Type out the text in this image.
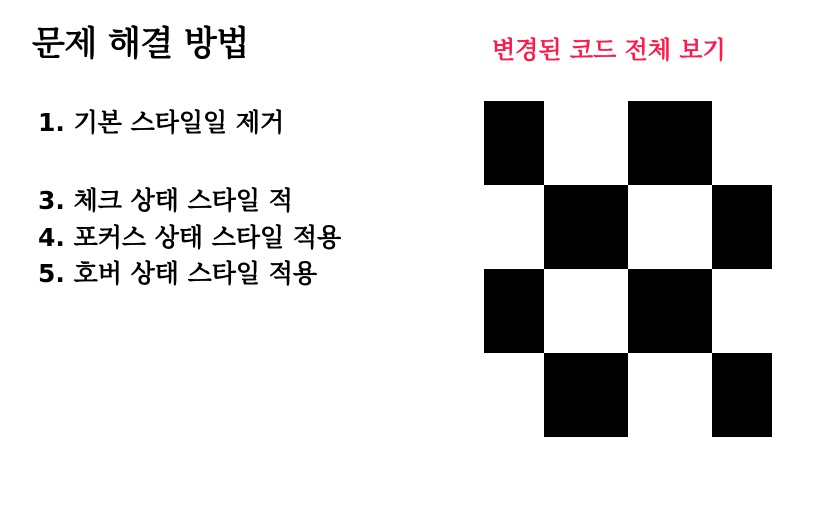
문제 해결 방법	변경된 코드 전체 보기
1. 기본 스타일일 제거
3. 체크 상태 스타일 적
4. 포커스 상태 스타일 적용
5. 호버 상태 스타일 적용
